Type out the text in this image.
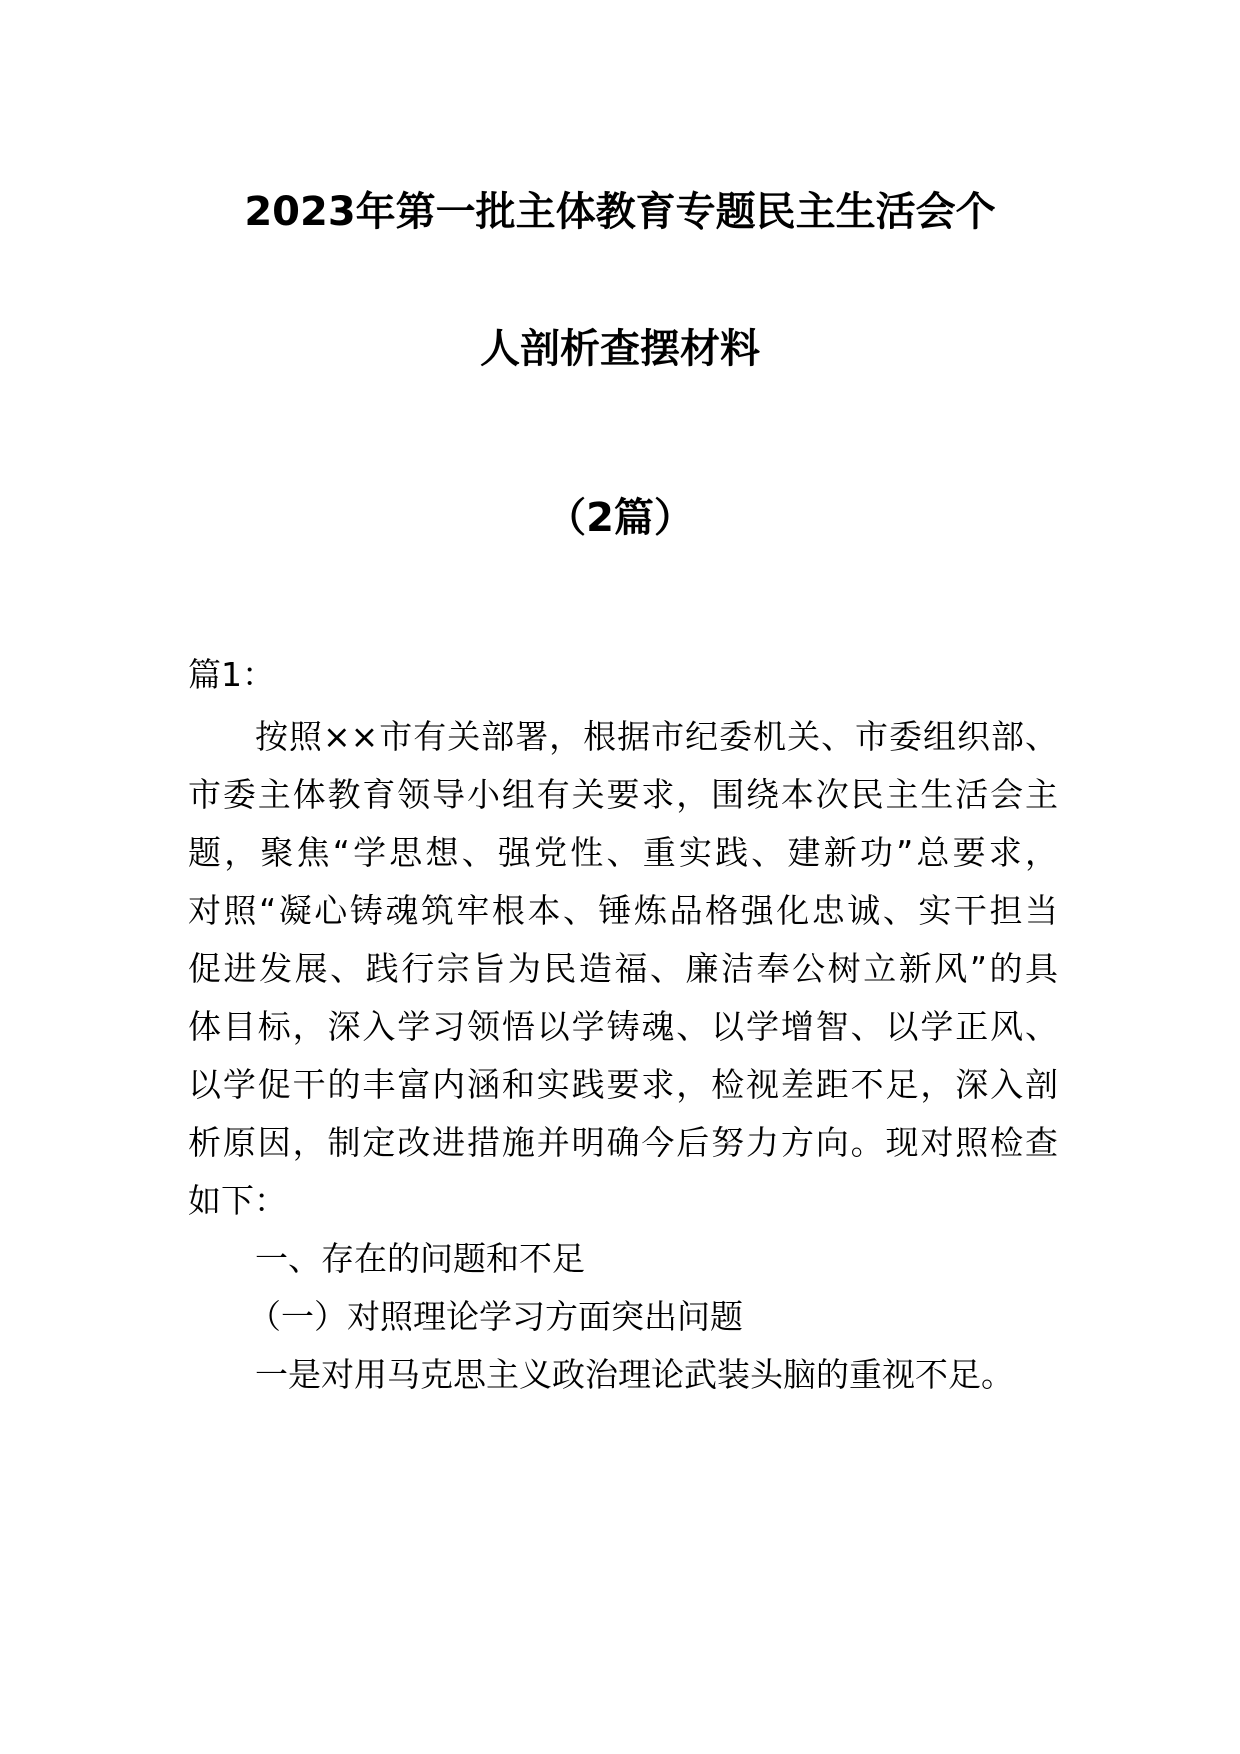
2023年第一批主体教育专题民主生活会个
人剖析查摆材料
（2篇）
篇1：
按照××市有关部署，根据市纪委机关、市委组织部、
市委主体教育领导小组有关要求，围绕本次民主生活会主
题，聚焦“学思想、强党性、重实践、建新功”总要求，
对照“凝心铸魂筑牢根本、锤炼品格强化忠诚、实干担当
促进发展、践行宗旨为民造福、廉洁奉公树立新风”的具
体目标，深入学习领悟以学铸魂、以学增智、以学正风、
以学促干的丰富内涵和实践要求，检视差距不足，深入剖
析原因，制定改进措施并明确今后努力方向。现对照检查
如下：
一、存在的问题和不足
（一）对照理论学习方面突出问题
一是对用马克思主义政治理论武装头脑的重视不足。
